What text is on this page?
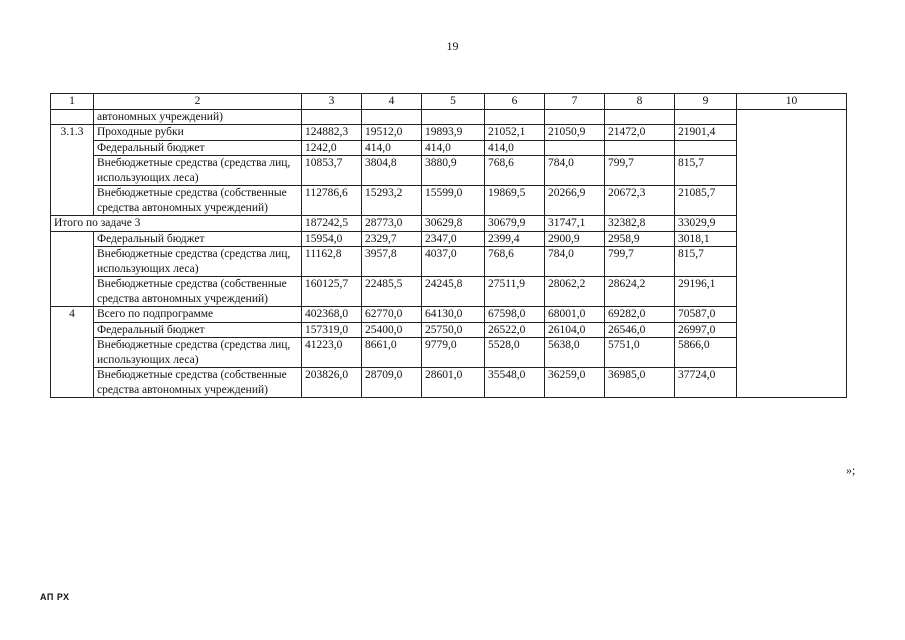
19
1	2	3	4	5	6	7	8	9	10
	автономных учреждений)								
3.1.3	Проходные рубки	124882,3	19512,0	19893,9	21052,1	21050,9	21472,0	21901,4	
	Федеральный бюджет	1242,0	414,0	414,0	414,0				
	Внебюджетные средства (средства лиц, использующих леса)	10853,7	3804,8	3880,9	768,6	784,0	799,7	815,7	
	Внебюджетные средства (собственные средства автономных учреждений)	112786,6	15293,2	15599,0	19869,5	20266,9	20672,3	21085,7	
Итого по задаче 3		187242,5	28773,0	30629,8	30679,9	31747,1	32382,8	33029,9	
	Федеральный бюджет	15954,0	2329,7	2347,0	2399,4	2900,9	2958,9	3018,1	
	Внебюджетные средства (средства лиц, использующих леса)	11162,8	3957,8	4037,0	768,6	784,0	799,7	815,7	
	Внебюджетные средства (собственные средства автономных учреждений)	160125,7	22485,5	24245,8	27511,9	28062,2	28624,2	29196,1	
4	Всего по подпрограмме	402368,0	62770,0	64130,0	67598,0	68001,0	69282,0	70587,0	
	Федеральный бюджет	157319,0	25400,0	25750,0	26522,0	26104,0	26546,0	26997,0	
	Внебюджетные средства (средства лиц, использующих леса)	41223,0	8661,0	9779,0	5528,0	5638,0	5751,0	5866,0	
	Внебюджетные средства (собственные средства автономных учреждений)	203826,0	28709,0	28601,0	35548,0	36259,0	36985,0	37724,0	
»;
АП РХ
